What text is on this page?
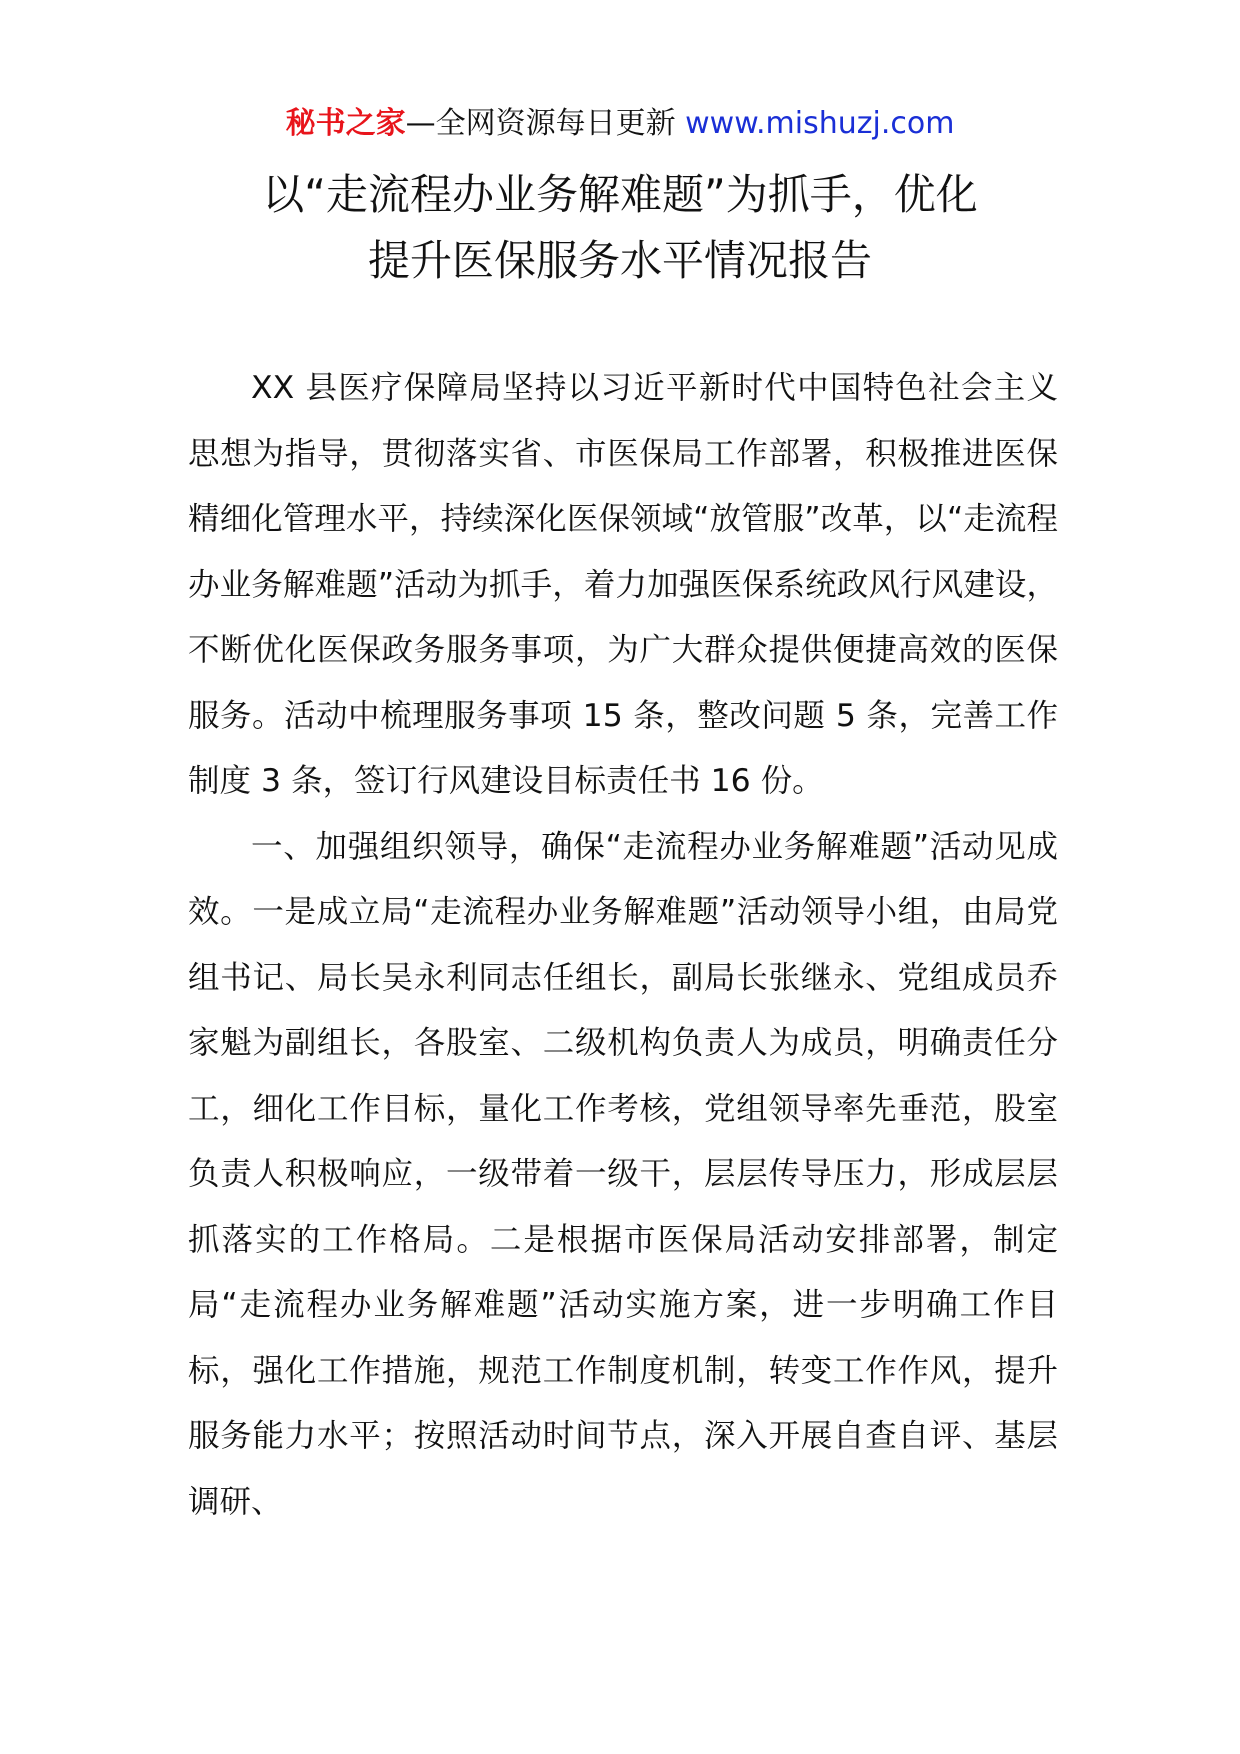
秘书之家—全网资源每日更新 www.mishuzj.com
以“走流程办业务解难题”为抓手，优化
提升医保服务水平情况报告

XX 县医疗保障局坚持以习近平新时代中国特色社会主义思想为指导，贯彻落实省、市医保局工作部署，积极推进医保精细化管理水平，持续深化医保领域“放管服”改革，以“走流程办业务解难题”活动为抓手，着力加强医保系统政风行风建设，不断优化医保政务服务事项，为广大群众提供便捷高效的医保服务。活动中梳理服务事项 15 条，整改问题 5 条，完善工作制度 3 条，签订行风建设目标责任书 16 份。

一、加强组织领导，确保“走流程办业务解难题”活动见成效。一是成立局“走流程办业务解难题”活动领导小组，由局党组书记、局长吴永利同志任组长，副局长张继永、党组成员乔家魁为副组长，各股室、二级机构负责人为成员，明确责任分工，细化工作目标，量化工作考核，党组领导率先垂范，股室负责人积极响应，一级带着一级干，层层传导压力，形成层层抓落实的工作格局。二是根据市医保局活动安排部署，制定局“走流程办业务解难题”活动实施方案，进一步明确工作目标，强化工作措施，规范工作制度机制，转变工作作风，提升服务能力水平；按照活动时间节点，深入开展自查自评、基层调研、
